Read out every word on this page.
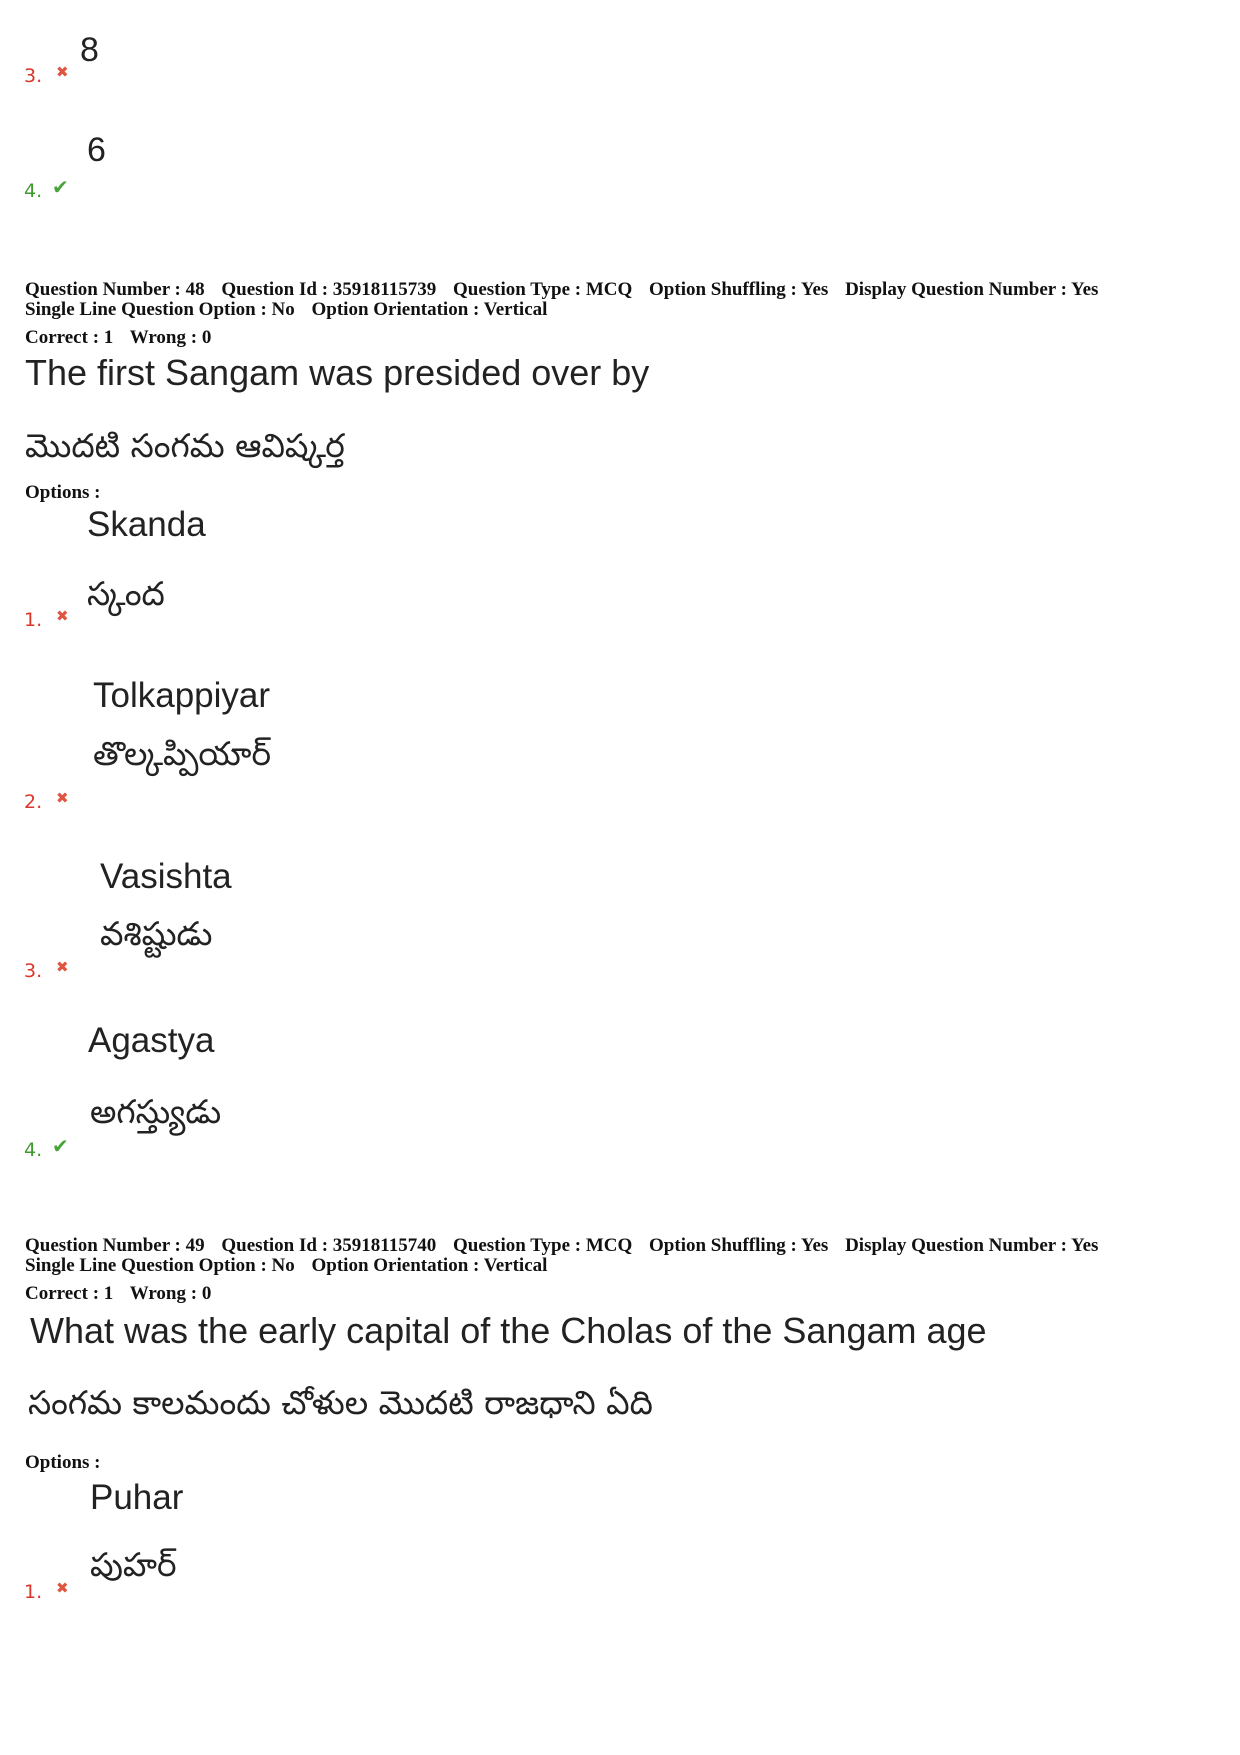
8
3. ✖
6
4. ✔
Question Number : 48 Question Id : 35918115739 Question Type : MCQ Option Shuffling : Yes Display Question Number : Yes
Single Line Question Option : No Option Orientation : Vertical
Correct : 1 Wrong : 0
The first Sangam was presided over by
మొదటి సంగమ ఆవిష్కర్త
Options :
Skanda
స్కంద
1. ✖
Tolkappiyar
తొల్కప్పియార్
2. ✖
Vasishta
వశిష్టుడు
3. ✖
Agastya
అగస్త్యుడు
4. ✔
Question Number : 49 Question Id : 35918115740 Question Type : MCQ Option Shuffling : Yes Display Question Number : Yes
Single Line Question Option : No Option Orientation : Vertical
Correct : 1 Wrong : 0
What was the early capital of the Cholas of the Sangam age
సంగమ కాలమందు చోళుల మొదటి రాజధాని ఏది
Options :
Puhar
పుహర్
1. ✖
